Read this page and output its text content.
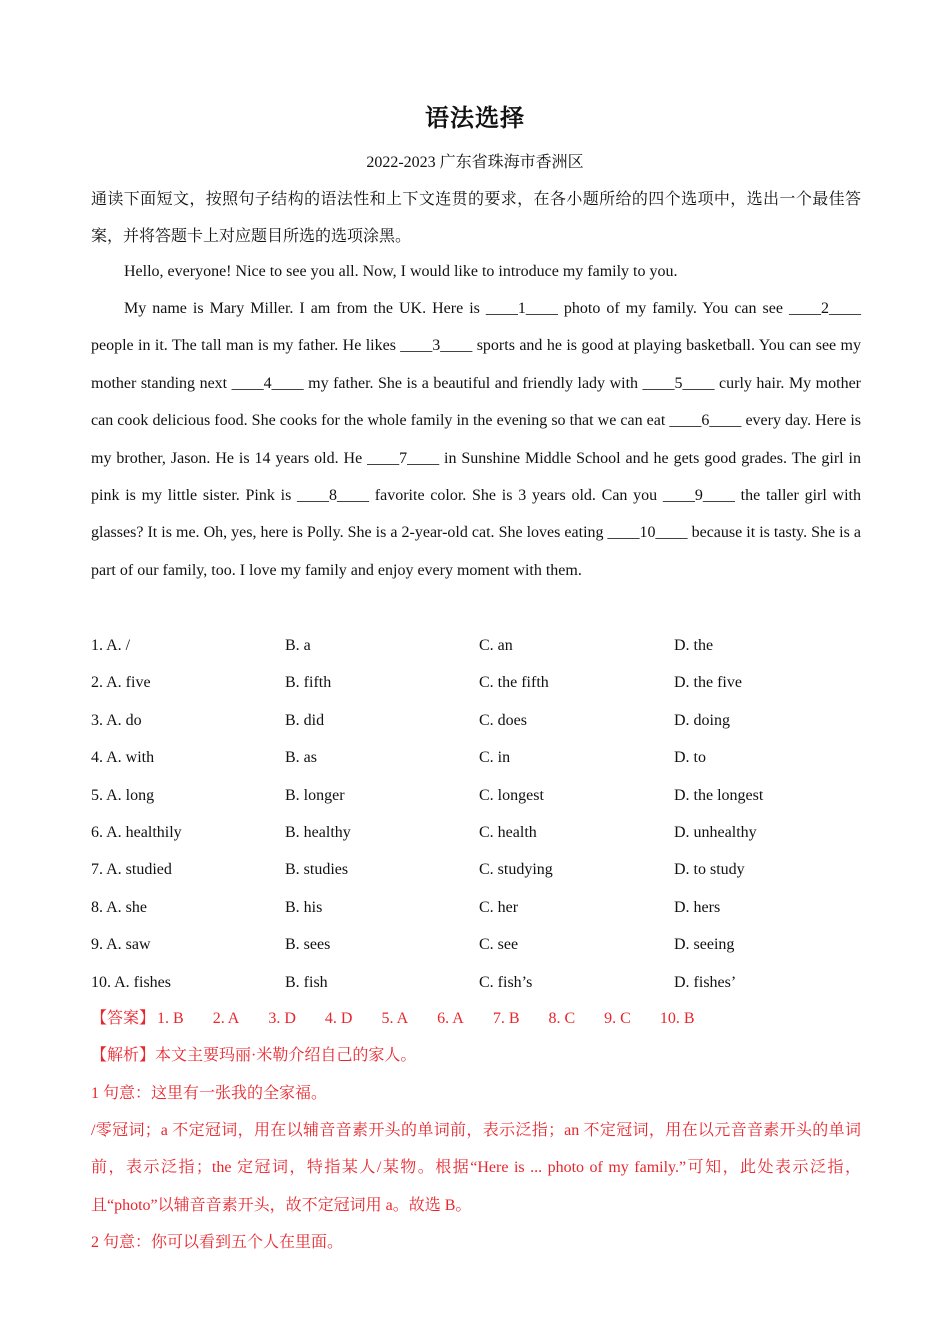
语法选择
2022-2023 广东省珠海市香洲区
通读下面短文，按照句子结构的语法性和上下文连贯的要求，在各小题所给的四个选项中，选出一个最佳答案，并将答题卡上对应题目所选的选项涂黑。
Hello, everyone! Nice to see you all. Now, I would like to introduce my family to you.
My name is Mary Miller. I am from the UK. Here is ____1____ photo of my family. You can see ____2____ people in it. The tall man is my father. He likes ____3____ sports and he is good at playing basketball. You can see my mother standing next ____4____ my father. She is a beautiful and friendly lady with ____5____ curly hair. My mother can cook delicious food. She cooks for the whole family in the evening so that we can eat ____6____ every day. Here is my brother, Jason. He is 14 years old. He ____7____ in Sunshine Middle School and he gets good grades. The girl in pink is my little sister. Pink is ____8____ favorite color. She is 3 years old. Can you ____9____ the taller girl with glasses? It is me. Oh, yes, here is Polly. She is a 2-year-old cat. She loves eating ____10____ because it is tasty. She is a part of our family, too. I love my family and enjoy every moment with them.
1. A. /	B. a	C. an	D. the
2. A. five	B. fifth	C. the fifth	D. the five
3. A. do	B. did	C. does	D. doing
4. A. with	B. as	C. in	D. to
5. A. long	B. longer	C. longest	D. the longest
6. A. healthily	B. healthy	C. health	D. unhealthy
7. A. studied	B. studies	C. studying	D. to study
8. A. she	B. his	C. her	D. hers
9. A. saw	B. sees	C. see	D. seeing
10. A. fishes	B. fish	C. fish’s	D. fishes’
【答案】 1. B 2. A 3. D 4. D 5. A 6. A 7. B 8. C 9. C 10. B
【解析】本文主要玛丽·米勒介绍自己的家人。
1 句意：这里有一张我的全家福。
/零冠词；a 不定冠词，用在以辅音音素开头的单词前，表示泛指；an 不定冠词，用在以元音音素开头的单词前，表示泛指；the 定冠词，特指某人/某物。根据“Here is ... photo of my family.”可知，此处表示泛指，且“photo”以辅音音素开头，故不定冠词用 a。故选 B。
2 句意：你可以看到五个人在里面。
